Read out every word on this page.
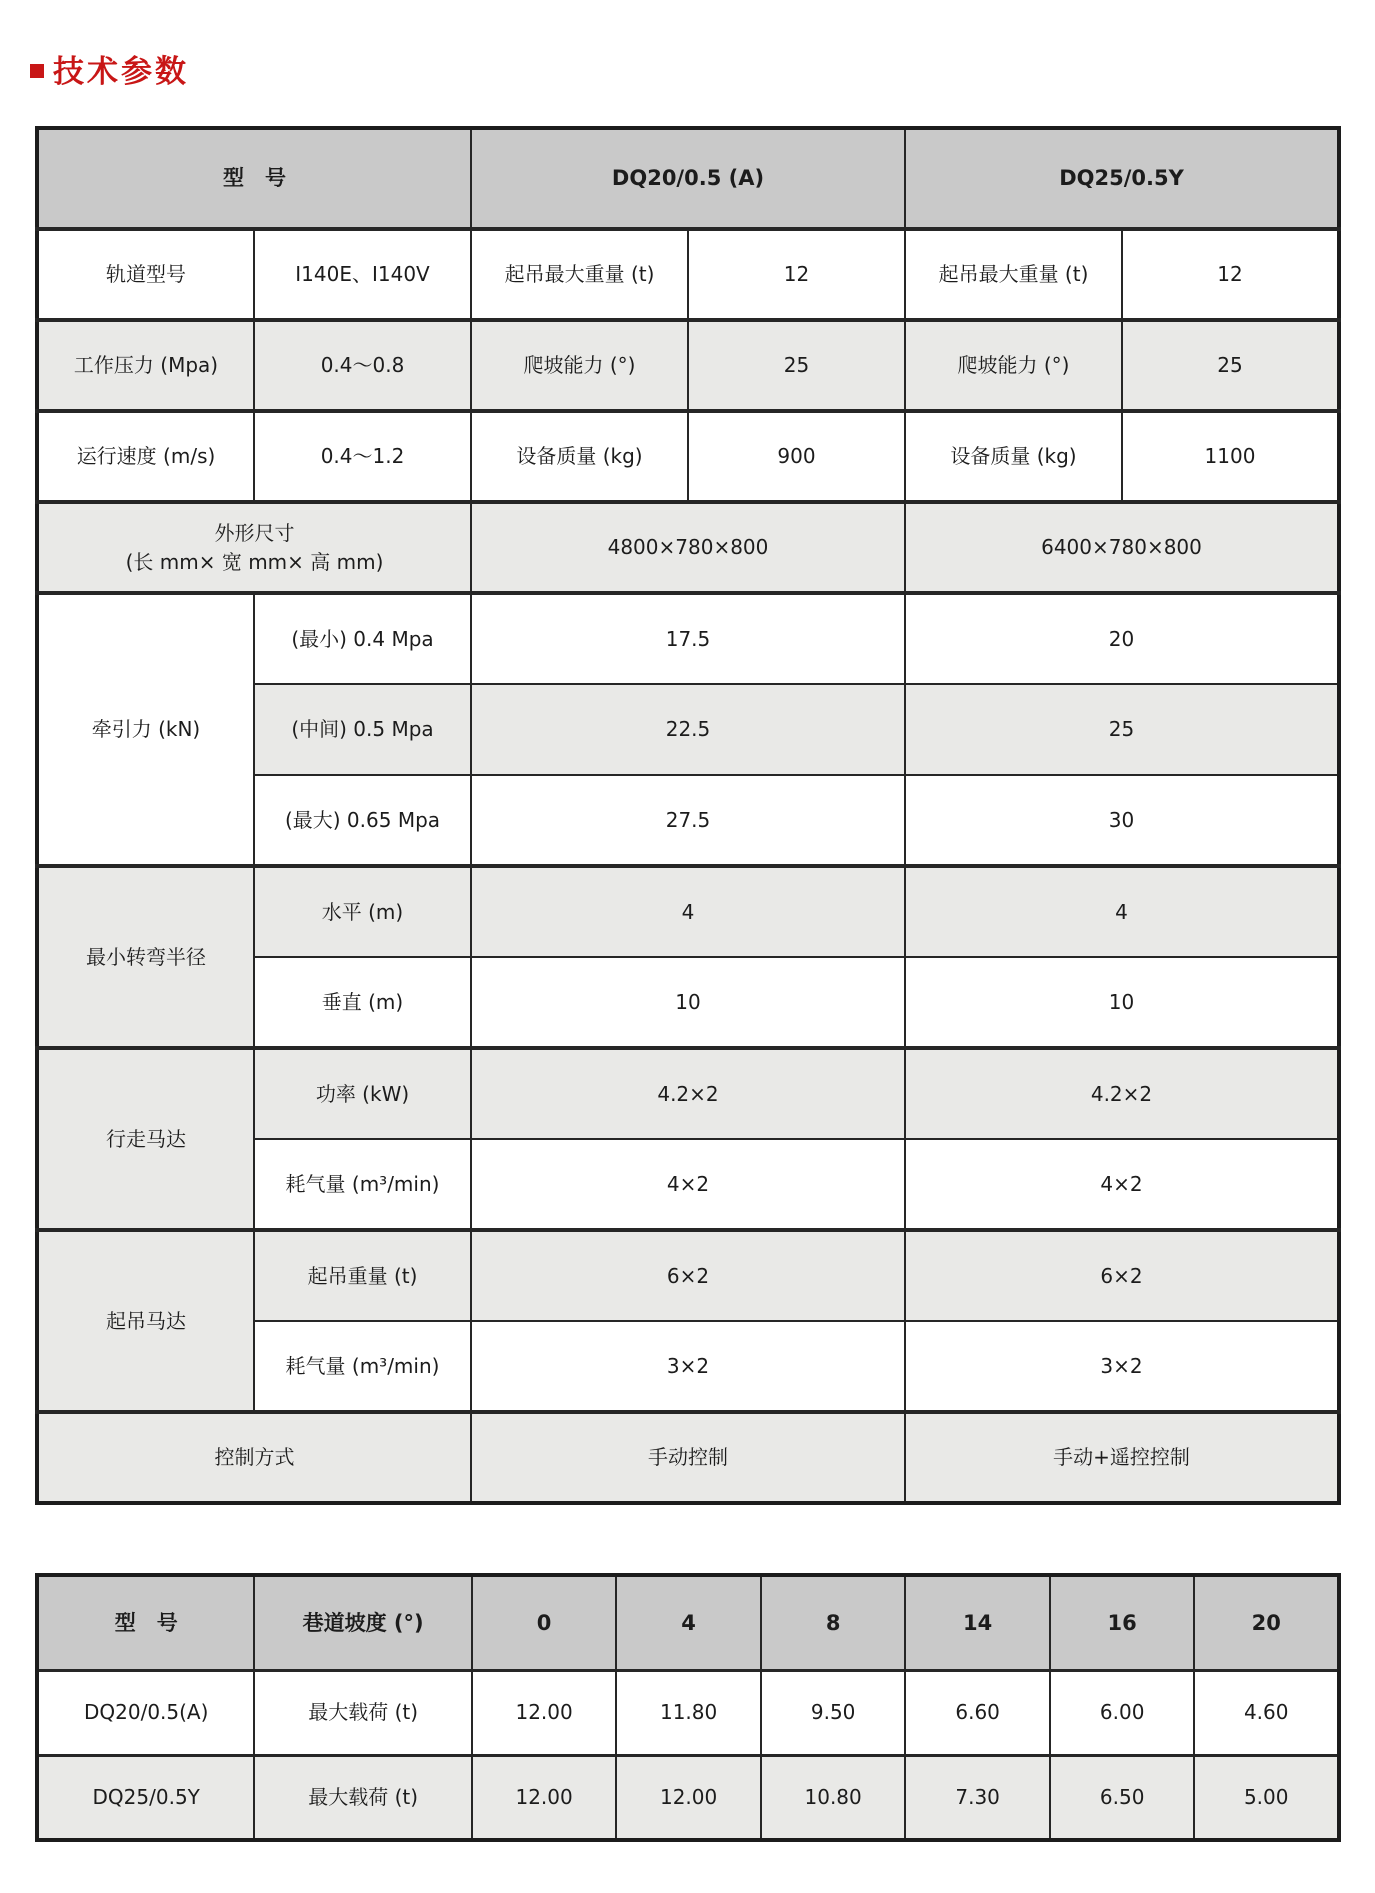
技术参数
型　号		DQ20/0.5 (A)		DQ25/0.5Y	
轨道型号	I140E、I140V	起吊最大重量 (t)	12	起吊最大重量 (t)	12
工作压力 (Mpa)	0.4～0.8	爬坡能力 (°)	25	爬坡能力 (°)	25
运行速度 (m/s)	0.4～1.2	设备质量 (kg)	900	设备质量 (kg)	1100

外形尺寸
(长 mm× 宽 mm× 高 mm)		4800×780×800		6400×780×800	
牵引力 (kN)	(最小) 0.4 Mpa	17.5		20	
	(中间) 0.5 Mpa	22.5		25	
	(最大) 0.65 Mpa	27.5		30	
最小转弯半径	水平 (m)	4		4	
	垂直 (m)	10		10	
行走马达	功率 (kW)	4.2×2		4.2×2	
	耗气量 (m³/min)	4×2		4×2	
起吊马达	起吊重量 (t)	6×2		6×2	
	耗气量 (m³/min)	3×2		3×2	
控制方式		手动控制		手动+遥控控制	
型　号	巷道坡度 (°)	0	4	8	14	16	20
DQ20/0.5(A)	最大载荷 (t)	12.00	11.80	9.50	6.60	6.00	4.60
DQ25/0.5Y	最大载荷 (t)	12.00	12.00	10.80	7.30	6.50	5.00
